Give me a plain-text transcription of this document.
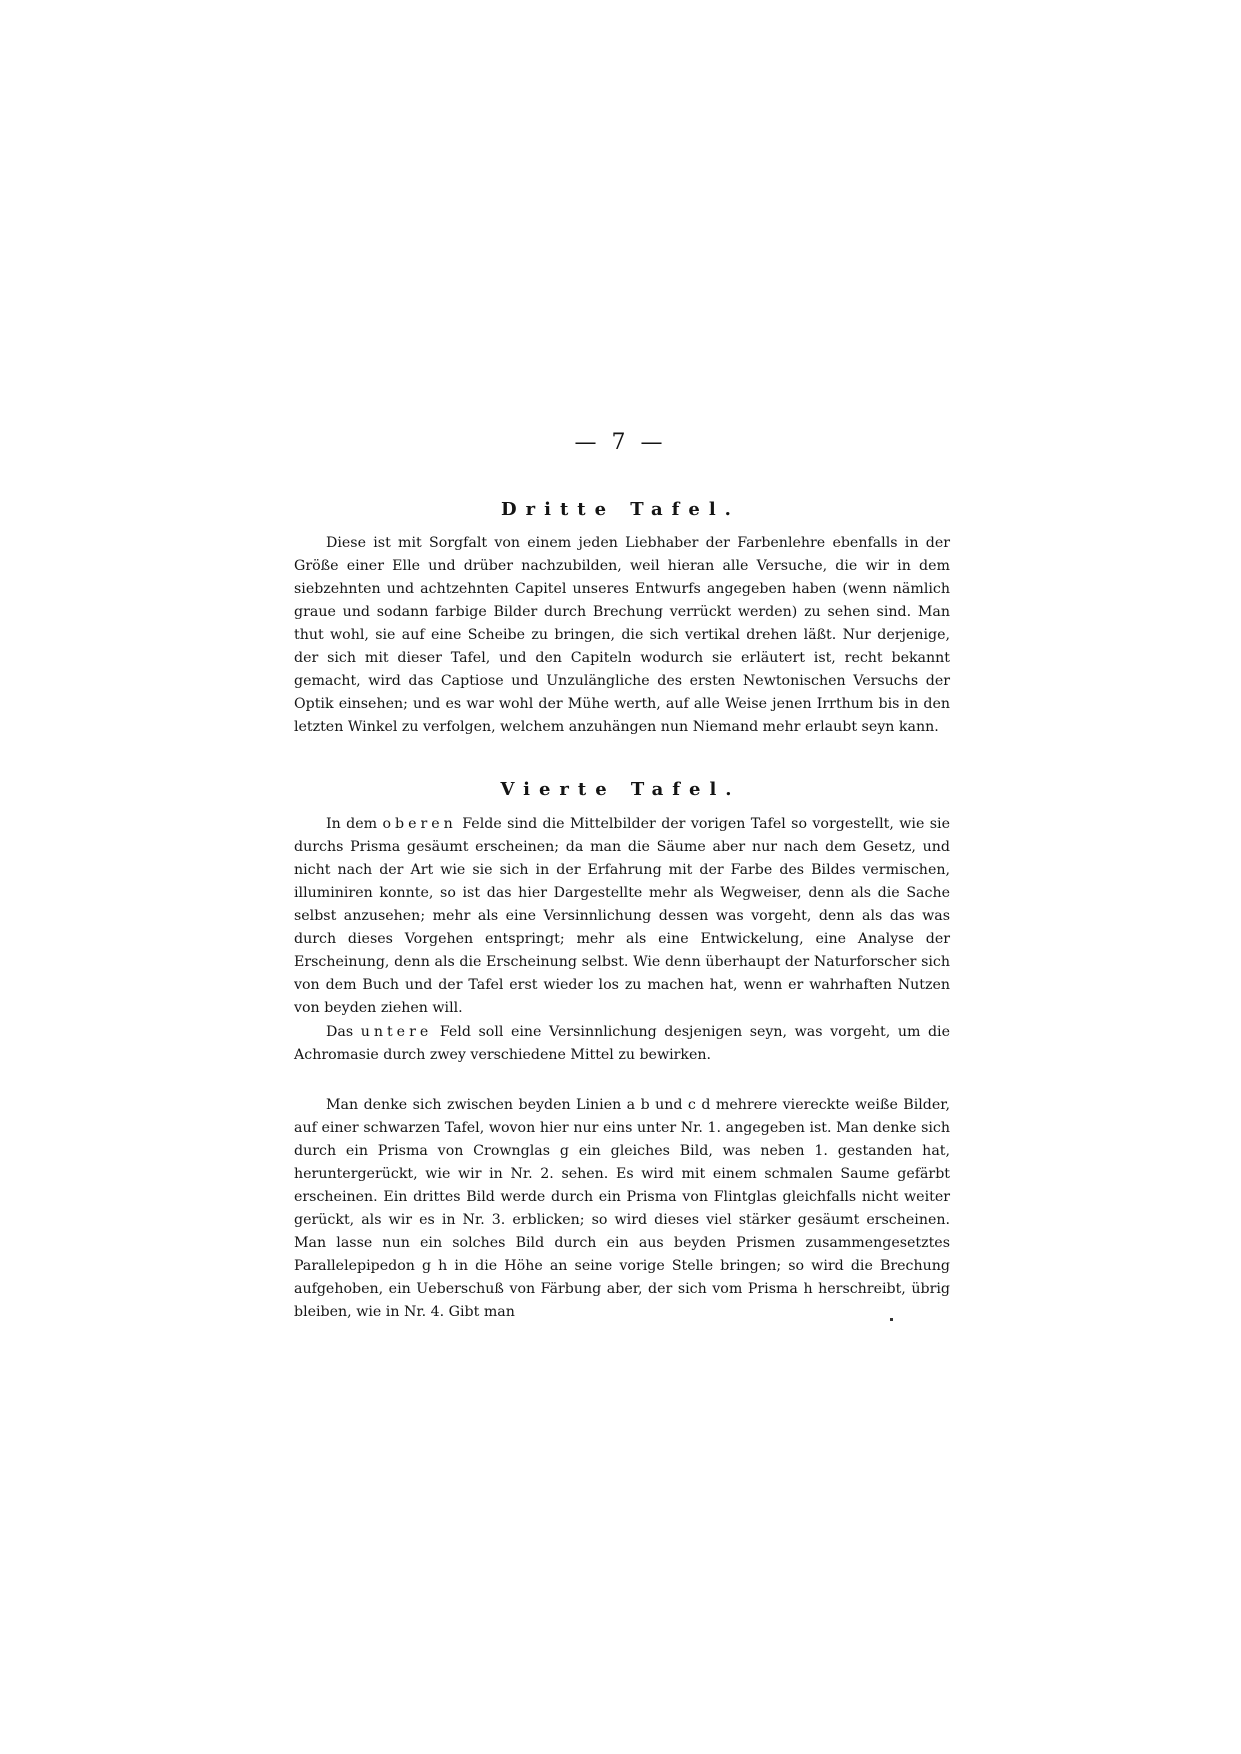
— 7 —
Dritte Tafel.

Diese ist mit Sorgfalt von einem jeden Liebhaber der Farbenlehre ebenfalls in der Größe einer Elle und drüber nachzubilden, weil hieran alle Versuche, die wir in dem siebzehnten und achtzehnten Capitel unseres Entwurfs angegeben haben (wenn nämlich graue und sodann farbige Bilder durch Brechung verrückt werden) zu sehen sind. Man thut wohl, sie auf eine Scheibe zu bringen, die sich vertikal drehen läßt. Nur derjenige, der sich mit dieser Tafel, und den Capiteln wodurch sie erläutert ist, recht bekannt gemacht, wird das Captiose und Unzulängliche des ersten Newtonischen Versuchs der Optik einsehen; und es war wohl der Mühe werth, auf alle Weise jenen Irrthum bis in den letzten Winkel zu verfolgen, welchem anzuhängen nun Niemand mehr erlaubt seyn kann.

Vierte Tafel.

In dem oberen Felde sind die Mittelbilder der vorigen Tafel so vorgestellt, wie sie durchs Prisma gesäumt erscheinen; da man die Säume aber nur nach dem Gesetz, und nicht nach der Art wie sie sich in der Erfahrung mit der Farbe des Bildes vermischen, illuminiren konnte, so ist das hier Dargestellte mehr als Wegweiser, denn als die Sache selbst anzusehen; mehr als eine Versinnlichung dessen was vorgeht, denn als das was durch dieses Vorgehen entspringt; mehr als eine Entwickelung, eine Analyse der Erscheinung, denn als die Erscheinung selbst. Wie denn überhaupt der Naturforscher sich von dem Buch und der Tafel erst wieder los zu machen hat, wenn er wahrhaften Nutzen von beyden ziehen will.

Das untere Feld soll eine Versinnlichung desjenigen seyn, was vorgeht, um die Achromasie durch zwey verschiedene Mittel zu bewirken.

Man denke sich zwischen beyden Linien a b und c d mehrere viereckte weiße Bilder, auf einer schwarzen Tafel, wovon hier nur eins unter Nr. 1. angegeben ist. Man denke sich durch ein Prisma von Crownglas g ein gleiches Bild, was neben 1. gestanden hat, heruntergerückt, wie wir in Nr. 2. sehen. Es wird mit einem schmalen Saume gefärbt erscheinen. Ein drittes Bild werde durch ein Prisma von Flintglas gleichfalls nicht weiter gerückt, als wir es in Nr. 3. erblicken; so wird dieses viel stärker gesäumt erscheinen. Man lasse nun ein solches Bild durch ein aus beyden Prismen zusammengesetztes Parallelepipedon g h in die Höhe an seine vorige Stelle bringen; so wird die Brechung aufgehoben, ein Ueberschuß von Färbung aber, der sich vom Prisma h herschreibt, übrig bleiben, wie in Nr. 4. Gibt man
